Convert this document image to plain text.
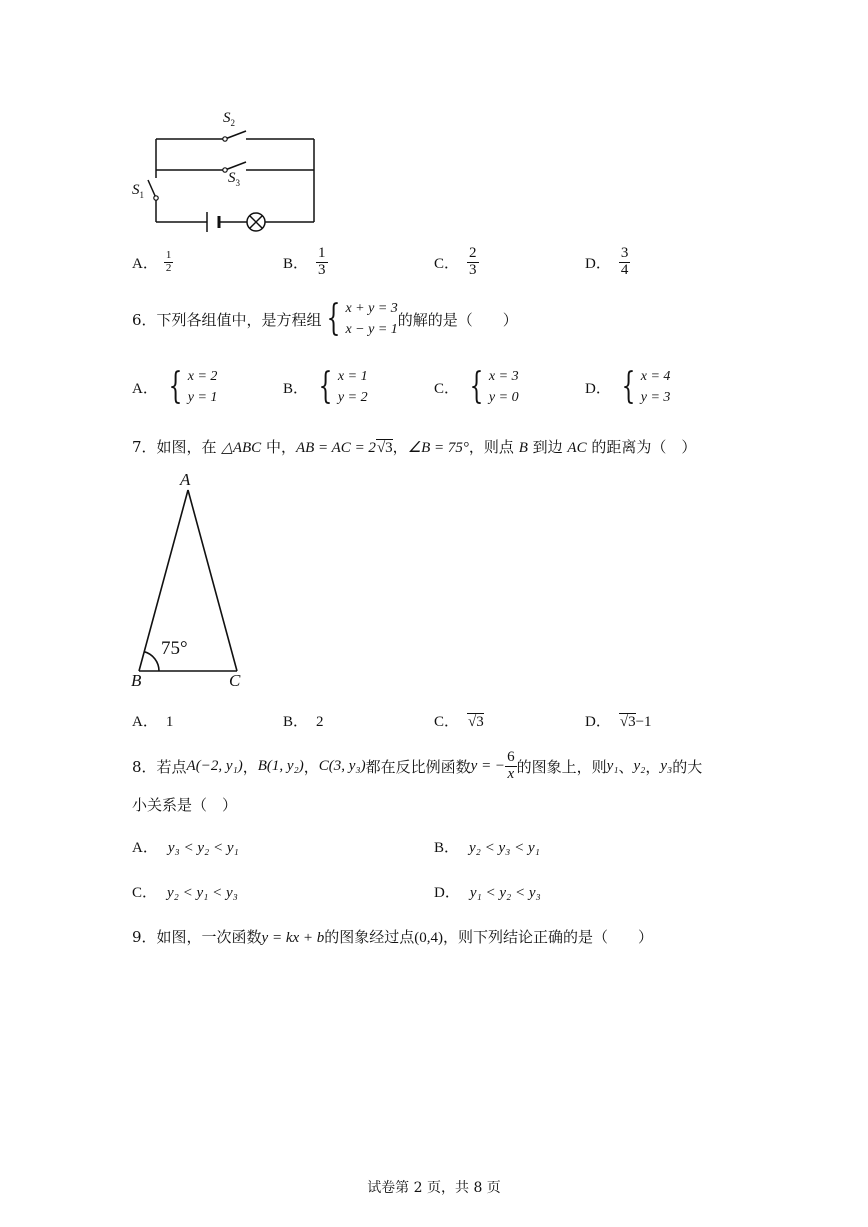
$S_2$
$S_3$
$S_1$
A． $\frac{1}{2}$	B． $\frac{1}{3}$	C． $\frac{2}{3}$	D． $\frac{3}{4}$
6．下列各组值中，是方程组 { x + y = 3
x − y = 1
的解的是（　　）
A． { x = 2
y = 1
B． { x = 1
y = 2
C． { x = 3
y = 0
D． { x = 4
y = 3
7．如图，在 △ABC 中，AB = AC = 2√3，∠B = 75°，则点 B 到边 AC 的距离为（　）
A
B	C
75°
A． 1	B． 2	C． √3	D． √3−1
8．若点 A(−2, y₁) ， B(1, y₂) ， C(3, y₃) 都在反比例函数 y = − $\frac{6}{x}$ 的图象上，则 y₁ 、 y₂ ， y₃ 的大
小关系是（　）
A． y₃ < y₂ < y₁	B． y₂ < y₃ < y₁
C． y₂ < y₁ < y₃	D． y₁ < y₂ < y₃
9．如图，一次函数y = kx + b的图象经过点(0,4)，则下列结论正确的是（　　）
试卷第 2 页，共 8 页
